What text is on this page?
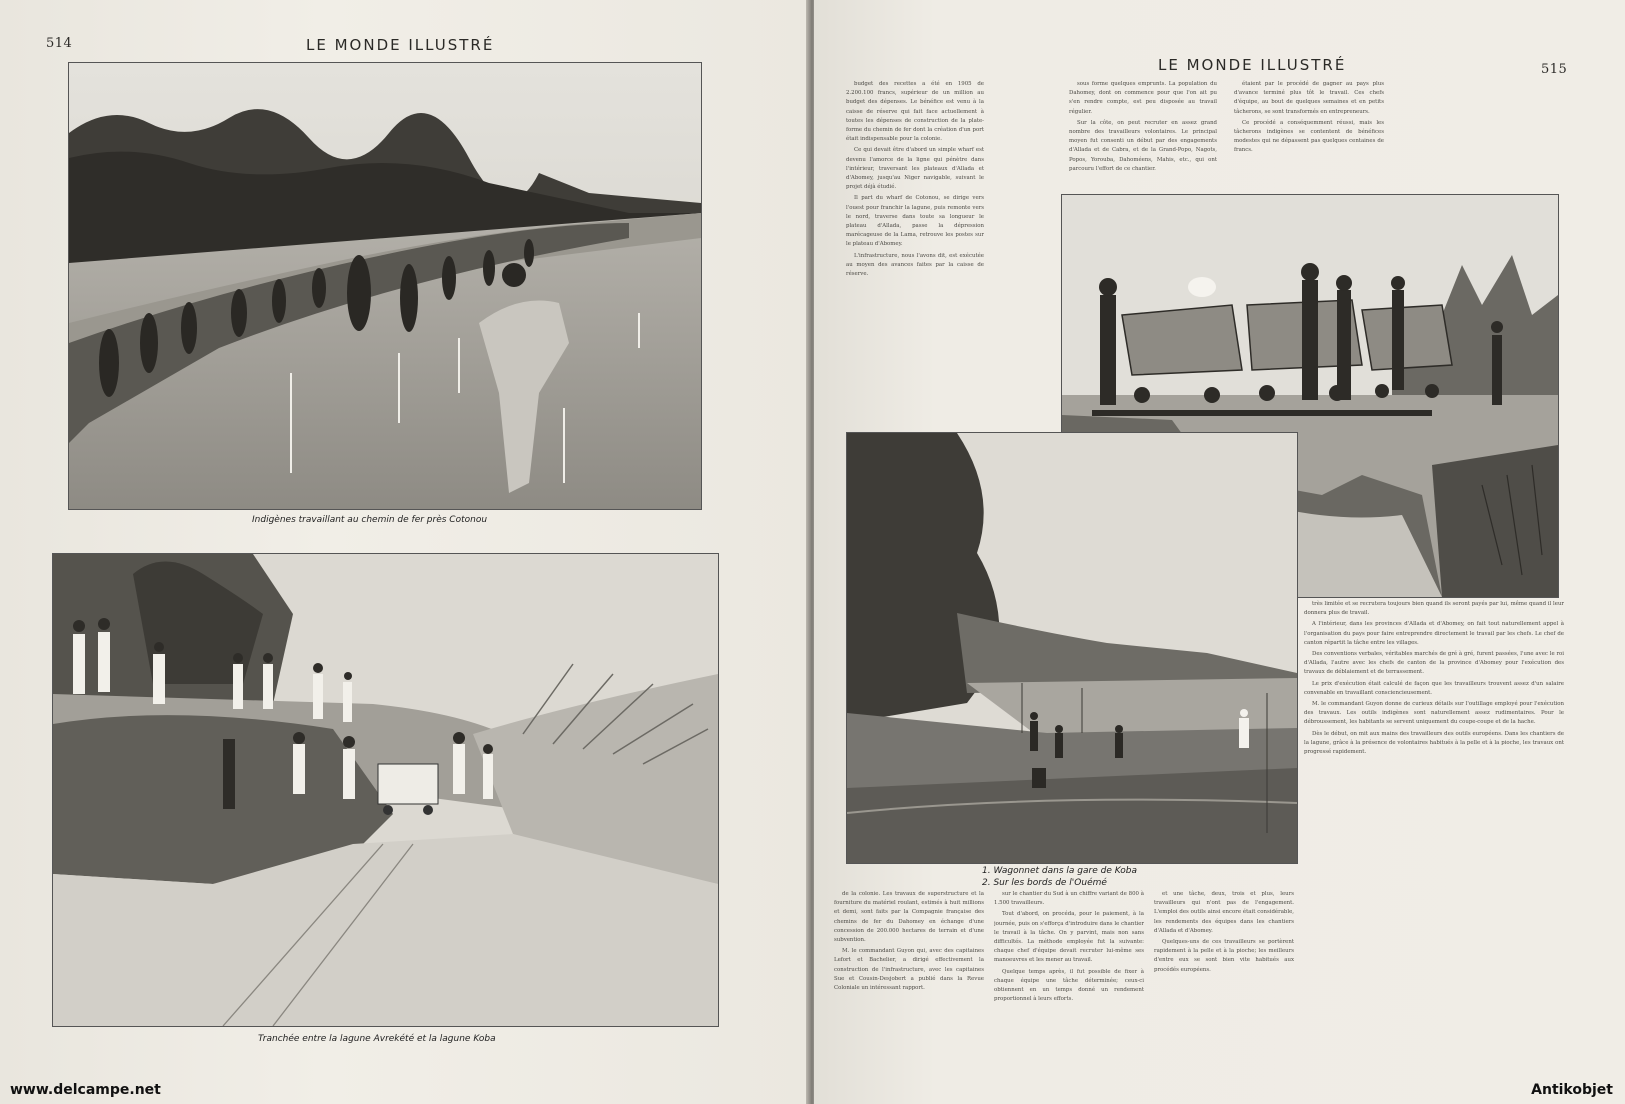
514	LE MONDE ILLUSTRÉ
Indigènes travaillant au chemin de fer près Cotonou
Tranchée entre la lagune Avrekété et la lagune Koba
LE MONDE ILLUSTRÉ	515

budget des recettes a été en 1905 de 2.200.100 francs, supérieur de un million au budget des dépenses. Le bénéfice est venu à la caisse de réserve qui fait face actuellement à toutes les dépenses de construction de la plate-forme du chemin de fer dont la création d'un port était indispensable pour la colonie.

Ce qui devait être d'abord un simple wharf est devenu l'amorce de la ligne qui pénètre dans l'intérieur, traversant les plateaux d'Allada et d'Abomey, jusqu'au Niger navigable, suivant le projet déjà étudié.

Il part du wharf de Cotonou, se dirige vers l'ouest pour franchir la lagune, puis remonte vers le nord, traverse dans toute sa longueur le plateau d'Allada, passe la dépression marécageuse de la Lama, retrouve les postes sur le plateau d'Abomey.

L'infrastructure, nous l'avons dit, est exécutée au moyen des avances faites par la caisse de réserve.

sous forme quelques emprunts. La population du Dahomey, dont on commence pour que l'on ait pu s'en rendre compte, est peu disposée au travail régulier.

Sur la côte, on peut recruter en assez grand nombre des travailleurs volontaires. Le principal moyen fut consenti un début par des engagements d'Allada et de Cabra, et de la Grand-Popo, Nagots, Popos, Yorouba, Dahoméens, Mahis, etc., qui ont parcouru l'effort de ce chantier.

étaient par le procédé de gagner au pays plus d'avance terminé plus tôt le travail. Ces chefs d'équipe, au bout de quelques semaines et en petits tâcherons, se sont transformés en entrepreneurs.

Ce procédé a conséquemment réussi, mais les tâcherons indigènes se contentent de bénéfices modestes qui ne dépassent pas quelques centaines de francs.

1. Wagonnet dans la gare de Koba
2. Sur les bords de l'Ouémé

très limitée et se recrutera toujours bien quand ils seront payés par lui, même quand il leur donnera plus de travail.

A l'intérieur, dans les provinces d'Allada et d'Abomey, on fait tout naturellement appel à l'organisation du pays pour faire entreprendre directement le travail par les chefs. Le chef de canton répartit la tâche entre les villages.

Des conventions verbales, véritables marchés de gré à gré, furent passées, l'une avec le roi d'Allada, l'autre avec les chefs de canton de la province d'Abomey pour l'exécution des travaux de déblaiement et de terrassement.

Le prix d'exécution était calculé de façon que les travailleurs trouvent assez d'un salaire convenable en travaillant consciencieusement.

M. le commandant Guyon donne de curieux détails sur l'outillage employé pour l'exécution des travaux. Les outils indigènes sont naturellement assez rudimentaires. Pour le débroussement, les habitants se servent uniquement du coupe-coupe et de la hache.

Dès le début, on mit aux mains des travailleurs des outils européens. Dans les chantiers de la lagune, grâce à la présence de volontaires habitués à la pelle et à la pioche, les travaux ont progressé rapidement.

de la colonie. Les travaux de superstructure et la fourniture du matériel roulant, estimés à huit millions et demi, sont faits par la Compagnie française des chemins de fer du Dahomey en échange d'une concession de 200.000 hectares de terrain et d'une subvention.

M. le commandant Guyon qui, avec des capitaines Lefort et Bachelier, a dirigé effectivement la construction de l'infrastructure, avec les capitaines Sue et Cousin-Desjobert a publié dans la Revue Coloniale un intéressant rapport.

sur le chantier du Sud à un chiffre variant de 800 à 1.500 travailleurs.

Tout d'abord, on procéda, pour le paiement, à la journée, puis on s'efforça d'introduire dans le chantier le travail à la tâche. On y parvint, mais non sans difficultés. La méthode employée fut la suivante: chaque chef d'équipe devait recruter lui-même ses manoeuvres et les mener au travail.

Quelque temps après, il fut possible de fixer à chaque équipe une tâche déterminée; ceux-ci obtiennent en un temps donné un rendement proportionnel à leurs efforts.

et une tâche, deux, trois et plus, leurs travailleurs qui n'ont pas de l'engagement. L'emploi des outils ainsi encore était considérable, les rendements des équipes dans les chantiers d'Allada et d'Abomey.

Quelques-uns de ces travailleurs se portèrent rapidement à la pelle et à la pioche; les meilleurs d'entre eux se sont bien vite habitués aux procédés européens.

www.delcampe.net	Antikobjet
